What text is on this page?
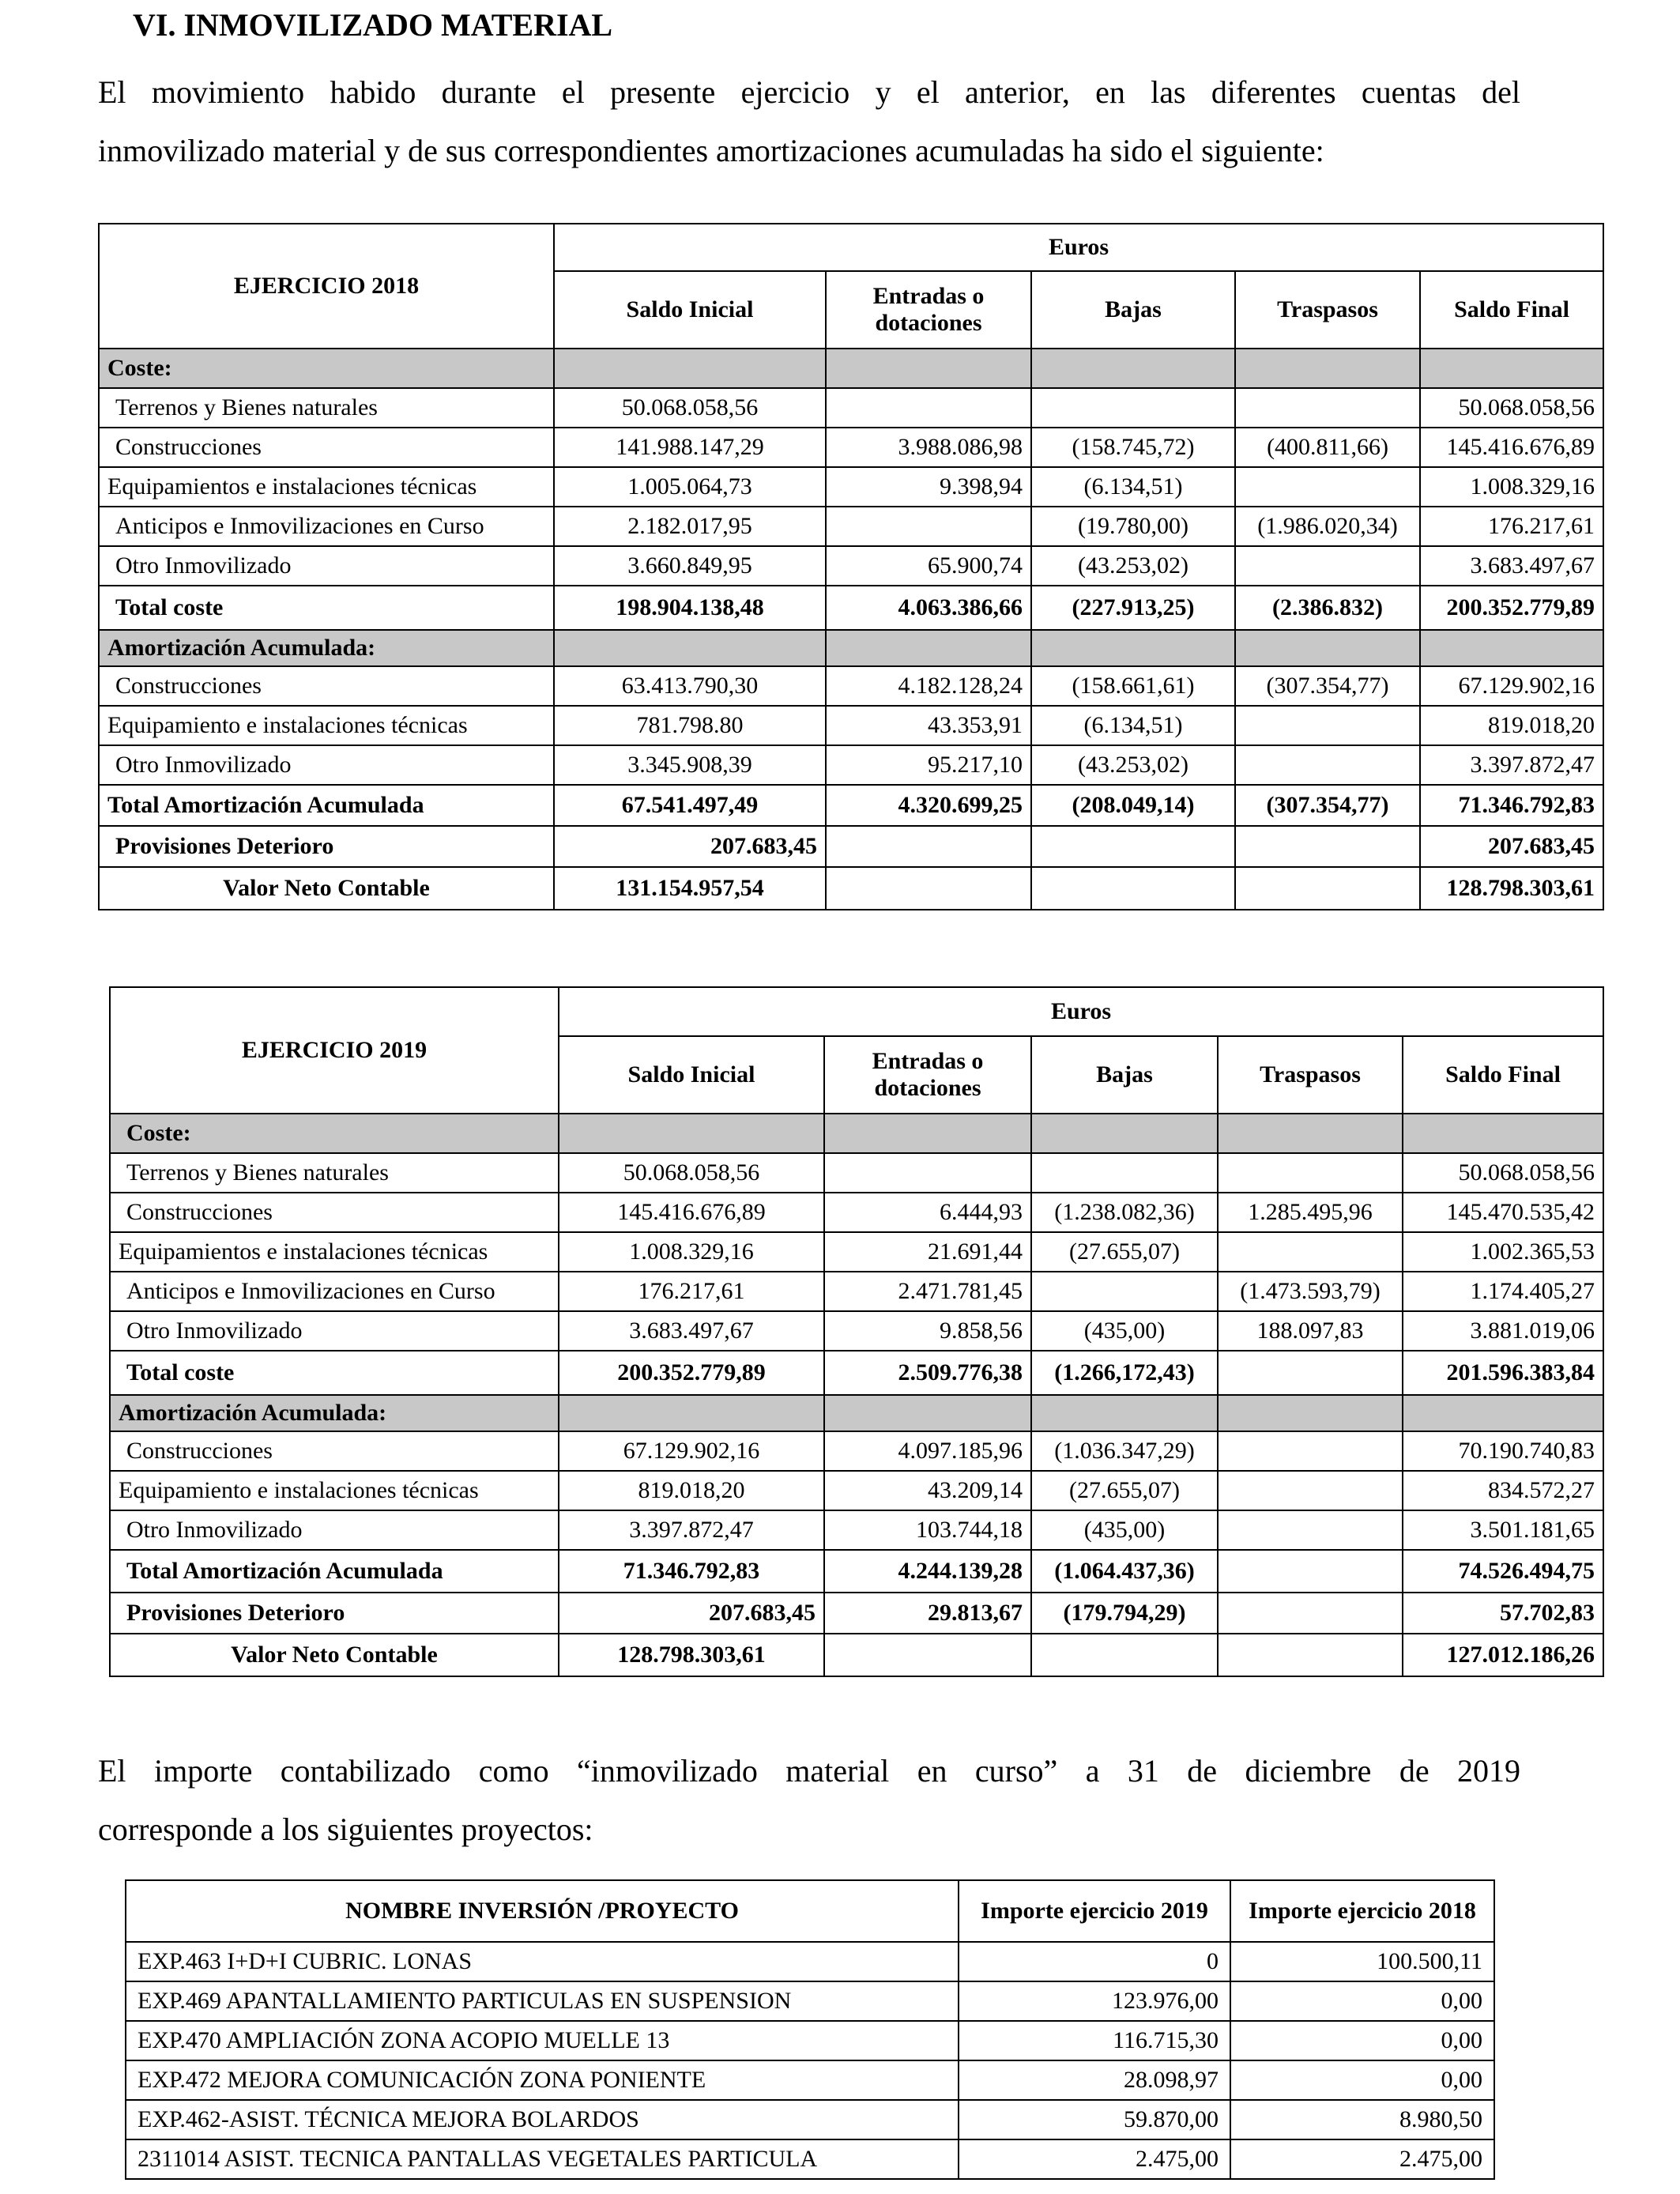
VI. INMOVILIZADO MATERIAL
El movimiento habido durante el presente ejercicio y el anterior, en las diferentes cuentas del
inmovilizado material y de sus correspondientes amortizaciones acumuladas ha sido el siguiente:
EJERCICIO 2018	Euros				
	Saldo Inicial	Entradas o dotaciones	Bajas	Traspasos	Saldo Final
Coste:					
Terrenos y Bienes naturales	50.068.058,56				50.068.058,56
Construcciones	141.988.147,29	3.988.086,98	(158.745,72)	(400.811,66)	145.416.676,89
Equipamientos e instalaciones técnicas	1.005.064,73	9.398,94	(6.134,51)		1.008.329,16
Anticipos e Inmovilizaciones en Curso	2.182.017,95		(19.780,00)	(1.986.020,34)	176.217,61
Otro Inmovilizado	3.660.849,95	65.900,74	(43.253,02)		3.683.497,67
Total coste	198.904.138,48	4.063.386,66	(227.913,25)	(2.386.832)	200.352.779,89
Amortización Acumulada:					
Construcciones	63.413.790,30	4.182.128,24	(158.661,61)	(307.354,77)	67.129.902,16
Equipamiento e instalaciones técnicas	781.798.80	43.353,91	(6.134,51)		819.018,20
Otro Inmovilizado	3.345.908,39	95.217,10	(43.253,02)		3.397.872,47
Total Amortización Acumulada	67.541.497,49	4.320.699,25	(208.049,14)	(307.354,77)	71.346.792,83
Provisiones Deterioro	207.683,45				207.683,45
Valor Neto Contable	131.154.957,54				128.798.303,61
EJERCICIO 2019	Euros				
	Saldo Inicial	Entradas o dotaciones	Bajas	Traspasos	Saldo Final
Coste:					
Terrenos y Bienes naturales	50.068.058,56				50.068.058,56
Construcciones	145.416.676,89	6.444,93	(1.238.082,36)	1.285.495,96	145.470.535,42
Equipamientos e instalaciones técnicas	1.008.329,16	21.691,44	(27.655,07)		1.002.365,53
Anticipos e Inmovilizaciones en Curso	176.217,61	2.471.781,45		(1.473.593,79)	1.174.405,27
Otro Inmovilizado	3.683.497,67	9.858,56	(435,00)	188.097,83	3.881.019,06
Total coste	200.352.779,89	2.509.776,38	(1.266,172,43)		201.596.383,84
Amortización Acumulada:					
Construcciones	67.129.902,16	4.097.185,96	(1.036.347,29)		70.190.740,83
Equipamiento e instalaciones técnicas	819.018,20	43.209,14	(27.655,07)		834.572,27
Otro Inmovilizado	3.397.872,47	103.744,18	(435,00)		3.501.181,65
Total Amortización Acumulada	71.346.792,83	4.244.139,28	(1.064.437,36)		74.526.494,75
Provisiones Deterioro	207.683,45	29.813,67	(179.794,29)		57.702,83
Valor Neto Contable	128.798.303,61				127.012.186,26
El importe contabilizado como “inmovilizado material en curso” a 31 de diciembre de 2019
corresponde a los siguientes proyectos:
NOMBRE INVERSIÓN /PROYECTO	Importe ejercicio 2019	Importe ejercicio 2018
EXP.463 I+D+I CUBRIC. LONAS	0	100.500,11
EXP.469 APANTALLAMIENTO PARTICULAS EN SUSPENSION	123.976,00	0,00
EXP.470 AMPLIACIÓN ZONA ACOPIO MUELLE 13	116.715,30	0,00
EXP.472 MEJORA COMUNICACIÓN ZONA PONIENTE	28.098,97	0,00
EXP.462-ASIST. TÉCNICA MEJORA BOLARDOS	59.870,00	8.980,50
2311014 ASIST. TECNICA PANTALLAS VEGETALES PARTICULA	2.475,00	2.475,00
